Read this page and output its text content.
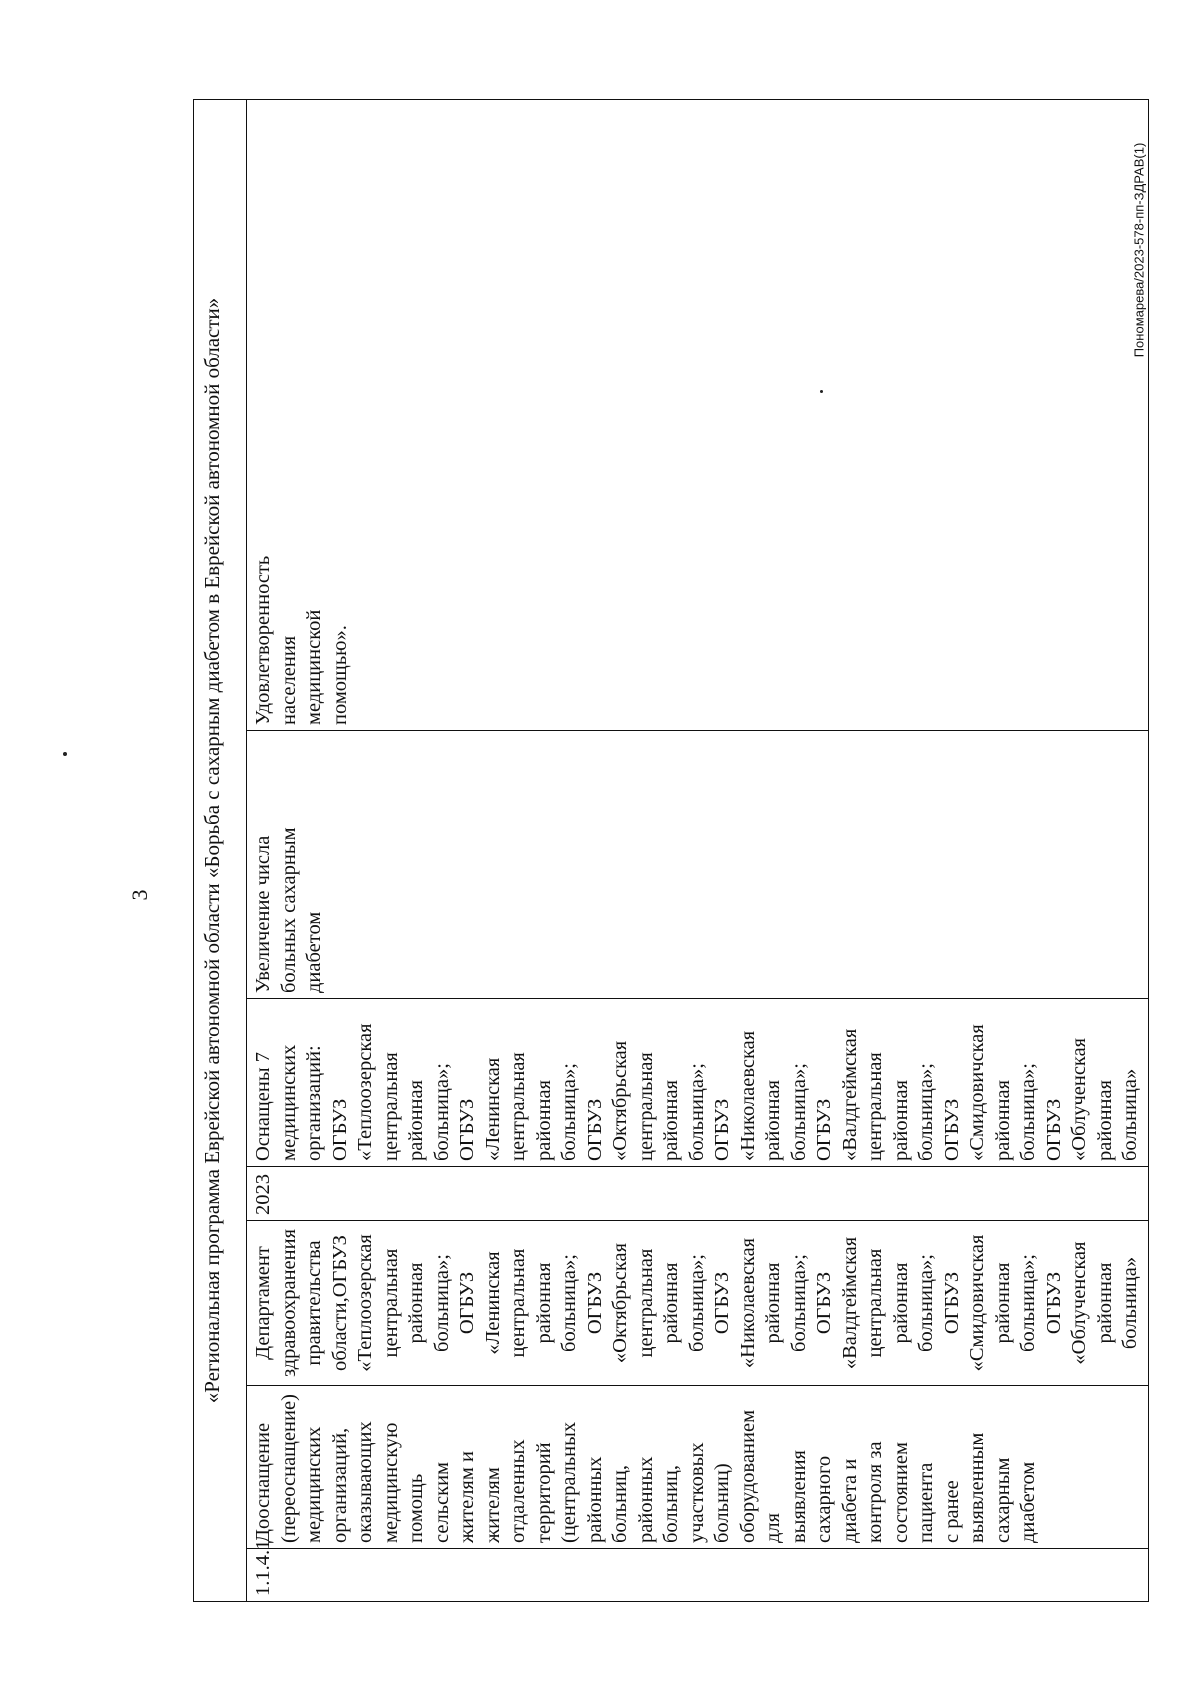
3
Пономарева/2023-578-пп-ЗДРАВ(1)
«Региональная программа Еврейской автономной области «Борьба с сахарным диабетом в Еврейской автономной области»
1.1.4.1	Дооснащение
(переоснащение)
медицинских
организаций,
оказывающих
медицинскую помощь
сельским жителям и
жителям отдаленных
территорий
(центральных
районных больниц,
районных больниц,
участковых больниц)
оборудованием для
выявления сахарного
диабета и контроля за
состоянием пациента
с ранее выявленным
сахарным диабетом	Департамент
здравоохранения
правительства
области,ОГБУЗ
«Теплоозерская
центральная районная
больница»;
ОГБУЗ «Ленинская
центральная районная
больница»;
ОГБУЗ «Октябрьская
центральная районная
больница»;
ОГБУЗ
«Николаевская
районная больница»;
ОГБУЗ
«Валдгеймская
центральная районная
больница»;
ОГБУЗ
«Смидовичская
районная больница»;
ОГБУЗ «Облученская
районная больница»	2023	Оснащены 7
медицинских
организаций:
ОГБУЗ
«Теплоозерская
центральная
районная больница»;
ОГБУЗ «Ленинская
центральная
районная больница»;
ОГБУЗ «Октябрьская
центральная
районная больница»;
ОГБУЗ
«Николаевская
районная больница»;
ОГБУЗ
«Валдгеймская
центральная
районная больница»;
ОГБУЗ
«Смидовичская
районная больница»;
ОГБУЗ «Облученская
районная больница»	Увеличение числа
больных сахарным
диабетом	Удовлетворенность
населения
медицинской
помощью».
